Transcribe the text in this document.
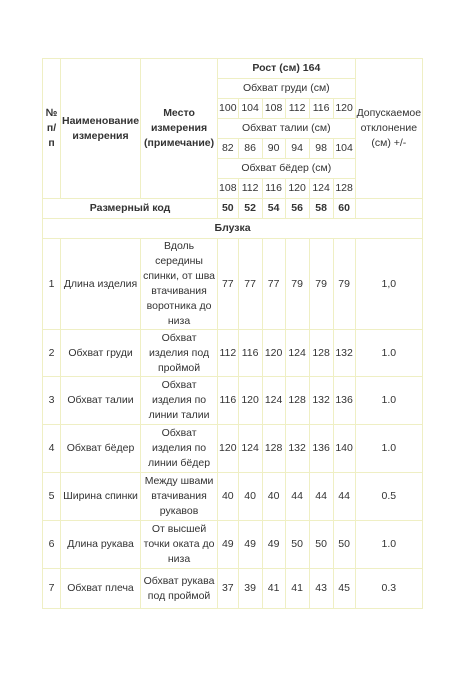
№ п/п	Наименование измерения	Место измерения (примечание)	Рост (см) 164						Допускаемое отклонение (см) +/-
			Обхват груди (см)						
			100	104	108	112	116	120	
			Обхват талии (см)						
			82	86	90	94	98	104	
			Обхват бёдер (см)						
			108	112	116	120	124	128	
Размерный код			50	52	54	56	58	60	
Блузка									
1	Длина изделия	Вдоль середины спинки, от шва втачивания воротника до низа	77	77	77	79	79	79	1,0
2	Обхват груди	Обхват изделия под проймой	112	116	120	124	128	132	1.0
3	Обхват талии	Обхват изделия по линии талии	116	120	124	128	132	136	1.0
4	Обхват бёдер	Обхват изделия по линии бёдер	120	124	128	132	136	140	1.0
5	Ширина спинки	Между швами втачивания рукавов	40	40	40	44	44	44	0.5
6	Длина рукава	От высшей точки оката до низа	49	49	49	50	50	50	1.0
7	Обхват плеча	Обхват рукава под проймой	37	39	41	41	43	45	0.3
